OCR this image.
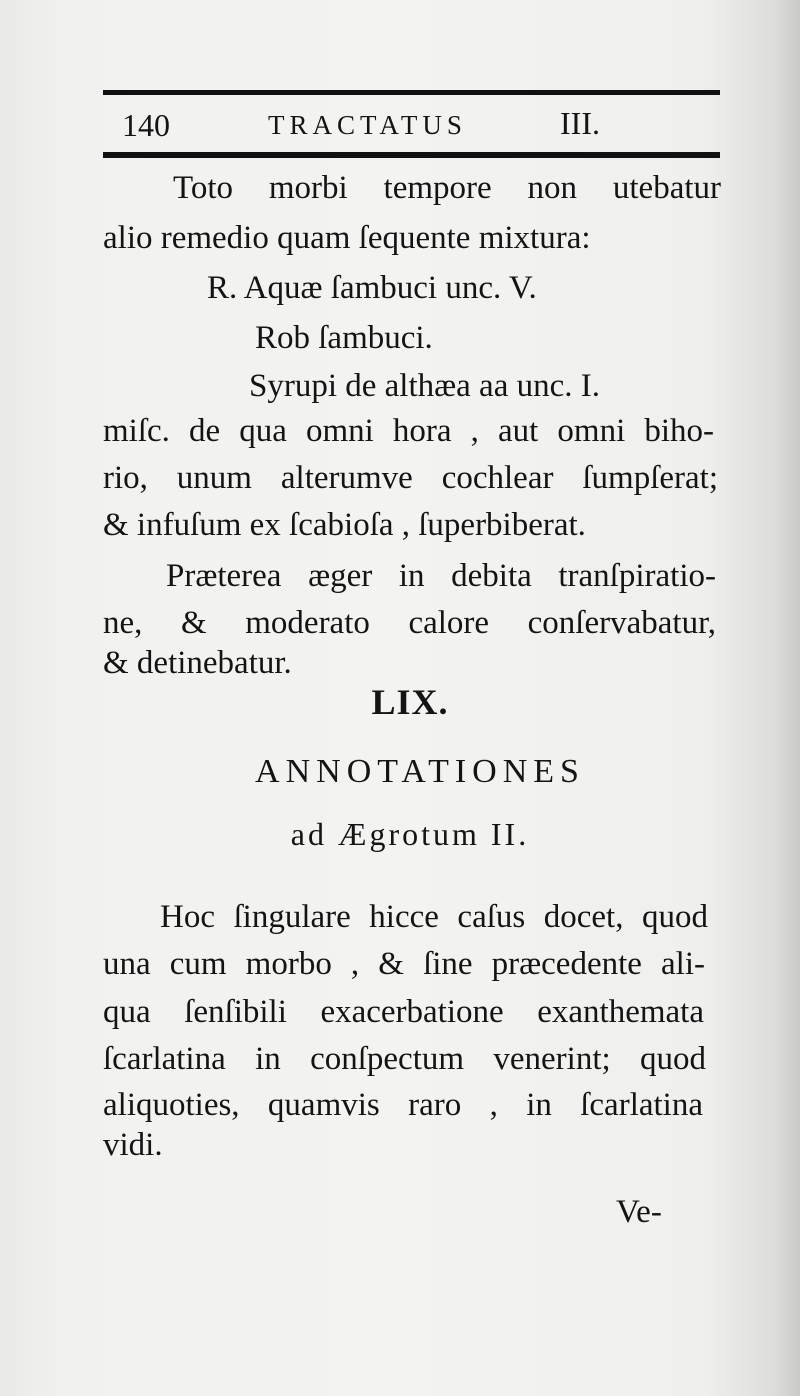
140	TRACTATUS	III.
Toto morbi tempore non utebatur
alio remedio quam ſequente mixtura:
R. Aquæ ſambuci unc. V.
Rob ſambuci.
Syrupi de althæa aa unc. I.
miſc. de qua omni hora , aut omni biho-
rio, unum alterumve cochlear ſumpſerat;
& infuſum ex ſcabioſa , ſuperbiberat.
Præterea æger in debita tranſpiratio-
ne, & moderato calore conſervabatur,
& detinebatur.
LIX.
ANNOTATIONES
ad Ægrotum II.
Hoc ſingulare hicce caſus docet, quod
una cum morbo , & ſine præcedente ali-
qua ſenſibili exacerbatione exanthemata
ſcarlatina in conſpectum venerint; quod
aliquoties, quamvis raro , in ſcarlatina
vidi.
Ve-
